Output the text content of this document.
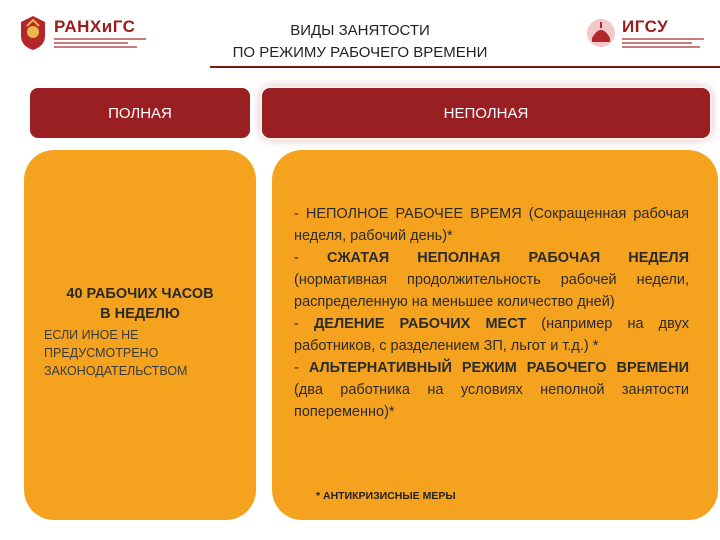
РАНХиГС	ВИДЫ ЗАНЯТОСТИ
ПО РЕЖИМУ РАБОЧЕГО ВРЕМЕНИ
ИГСУ
ПОЛНАЯ	НЕПОЛНАЯ
40 РАБОЧИХ ЧАСОВ
В НЕДЕЛЮ
ЕСЛИ ИНОЕ НЕ ПРЕДУСМОТРЕНО ЗАКОНОДАТЕЛЬСТВОМ
- НЕПОЛНОЕ РАБОЧЕЕ ВРЕМЯ (Сокращенная рабочая неделя, рабочий день)*
- СЖАТАЯ НЕПОЛНАЯ РАБОЧАЯ НЕДЕЛЯ (нормативная продолжительность рабочей недели, распределенную на меньшее количество дней)
- ДЕЛЕНИЕ РАБОЧИХ МЕСТ (например на двух работников, с разделением ЗП, льгот и т.д.) *
- АЛЬТЕРНАТИВНЫЙ РЕЖИМ РАБОЧЕГО ВРЕМЕНИ (два работника на условиях неполной занятости попеременно)*
* АНТИКРИЗИСНЫЕ МЕРЫ
